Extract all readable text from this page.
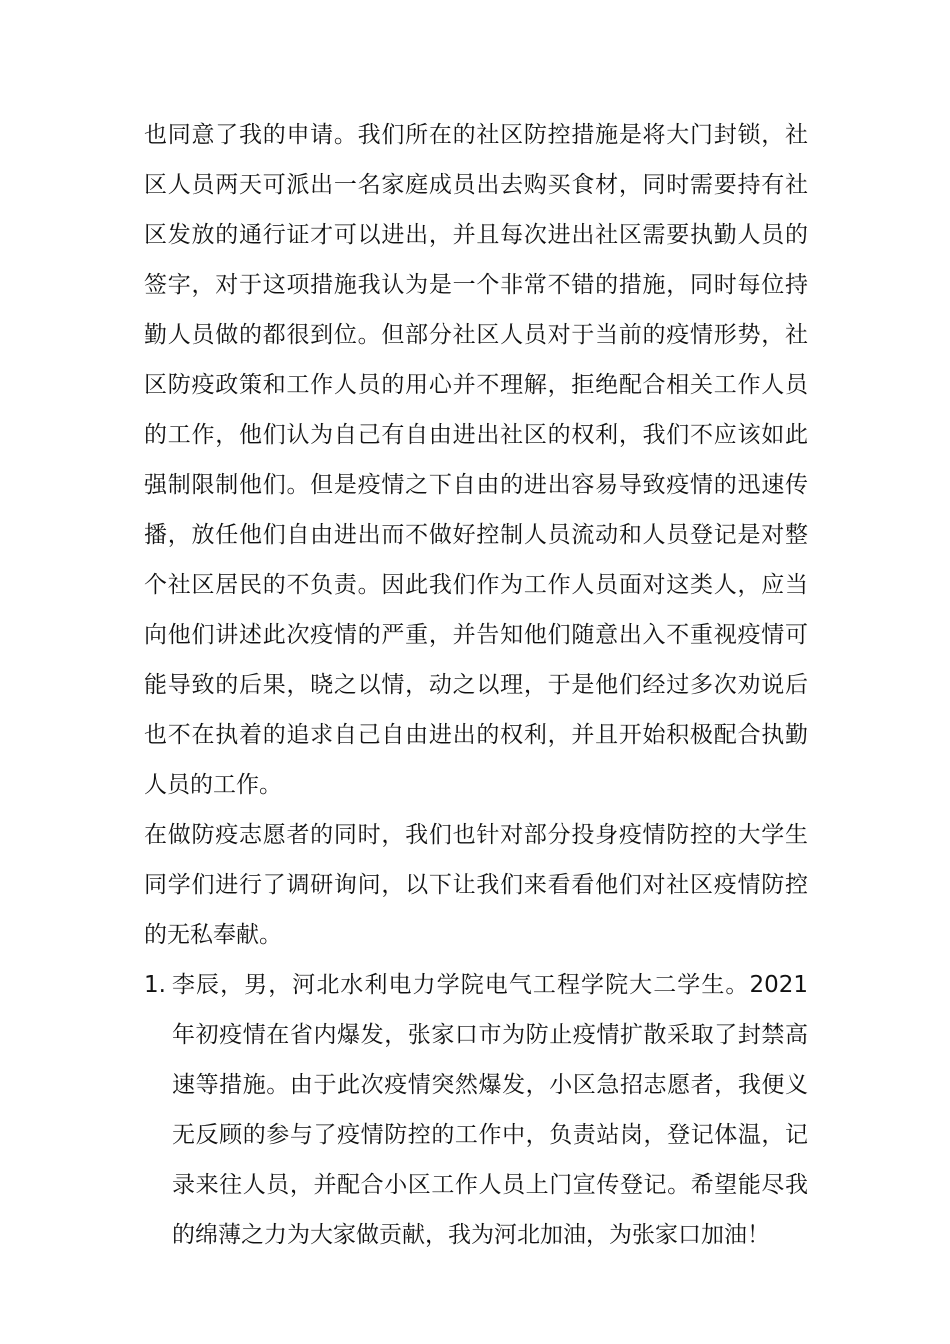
也同意了我的申请。我们所在的社区防控措施是将大门封锁，社区人员两天可派出一名家庭成员出去购买食材，同时需要持有社区发放的通行证才可以进出，并且每次进出社区需要执勤人员的签字，对于这项措施我认为是一个非常不错的措施，同时每位持勤人员做的都很到位。但部分社区人员对于当前的疫情形势，社区防疫政策和工作人员的用心并不理解，拒绝配合相关工作人员的工作，他们认为自己有自由进出社区的权利，我们不应该如此强制限制他们。但是疫情之下自由的进出容易导致疫情的迅速传播，放任他们自由进出而不做好控制人员流动和人员登记是对整个社区居民的不负责。因此我们作为工作人员面对这类人，应当向他们讲述此次疫情的严重，并告知他们随意出入不重视疫情可能导致的后果，晓之以情，动之以理，于是他们经过多次劝说后也不在执着的追求自己自由进出的权利，并且开始积极配合执勤人员的工作。

在做防疫志愿者的同时，我们也针对部分投身疫情防控的大学生同学们进行了调研询问，以下让我们来看看他们对社区疫情防控的无私奉献。

1. 李辰，男，河北水利电力学院电气工程学院大二学生。2021 年初疫情在省内爆发，张家口市为防止疫情扩散采取了封禁高速等措施。由于此次疫情突然爆发，小区急招志愿者，我便义无反顾的参与了疫情防控的工作中，负责站岗，登记体温，记录来往人员，并配合小区工作人员上门宣传登记。希望能尽我的绵薄之力为大家做贡献，我为河北加油，为张家口加油！
